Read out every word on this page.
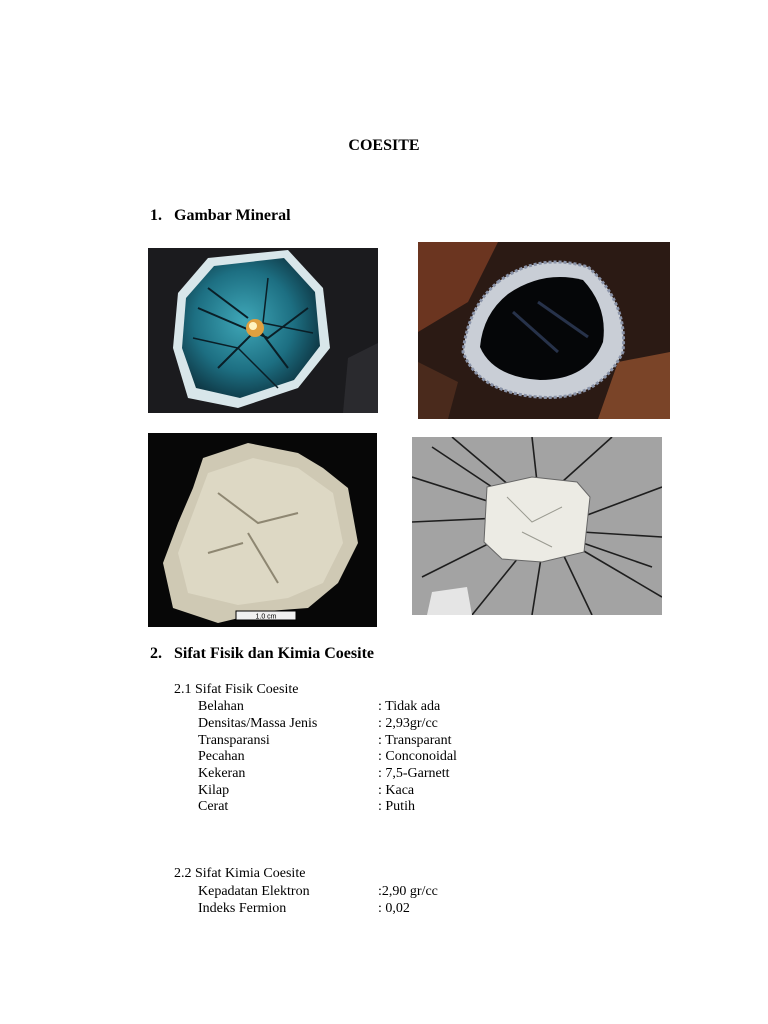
COESITE
1. Gambar Mineral
1.0 cm
2. Sifat Fisik dan Kimia Coesite

2.1 Sifat Fisik Coesite

Belahan	: Tidak ada
Densitas/Massa Jenis	: 2,93gr/cc
Transparansi	: Transparant
Pecahan	: Conconoidal
Kekeran	: 7,5-Garnett
Kilap	: Kaca
Cerat	: Putih

2.2 Sifat Kimia Coesite

Kepadatan Elektron	:2,90 gr/cc
Indeks Fermion	: 0,02
